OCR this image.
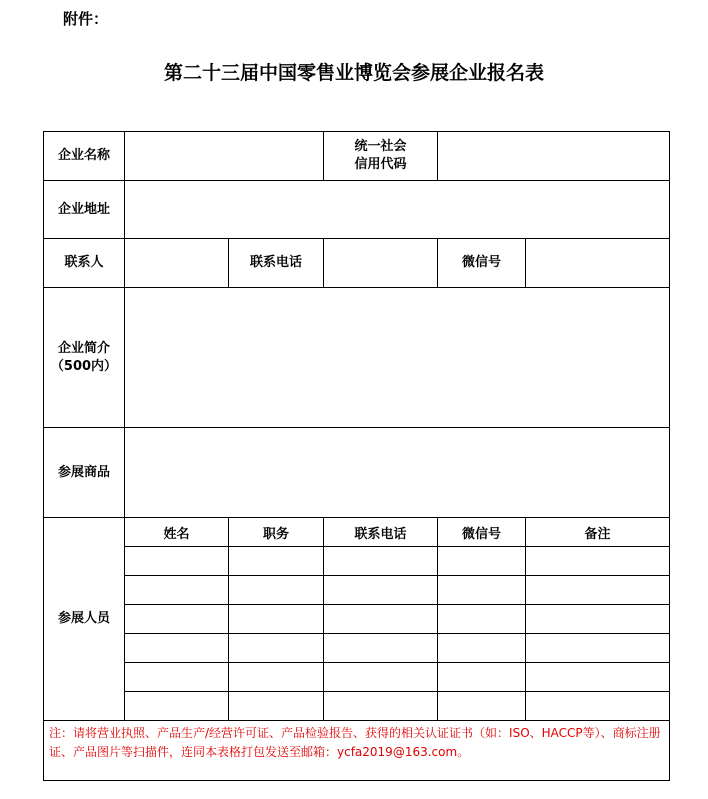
附件：
第二十三届中国零售业博览会参展企业报名表
企业名称			统一社会
信用代码		
企业地址					
联系人		联系电话		微信号	
企业简介
（500内）					
参展商品					
参展人员	姓名	职务	联系电话	微信号	备注

注：请将营业执照、产品生产/经营许可证、产品检验报告、获得的相关认证证书（如：ISO、HACCP等）、商标注册证、产品图片等扫描件，连同本表格打包发送至邮箱：ycfa2019@163.com。					
